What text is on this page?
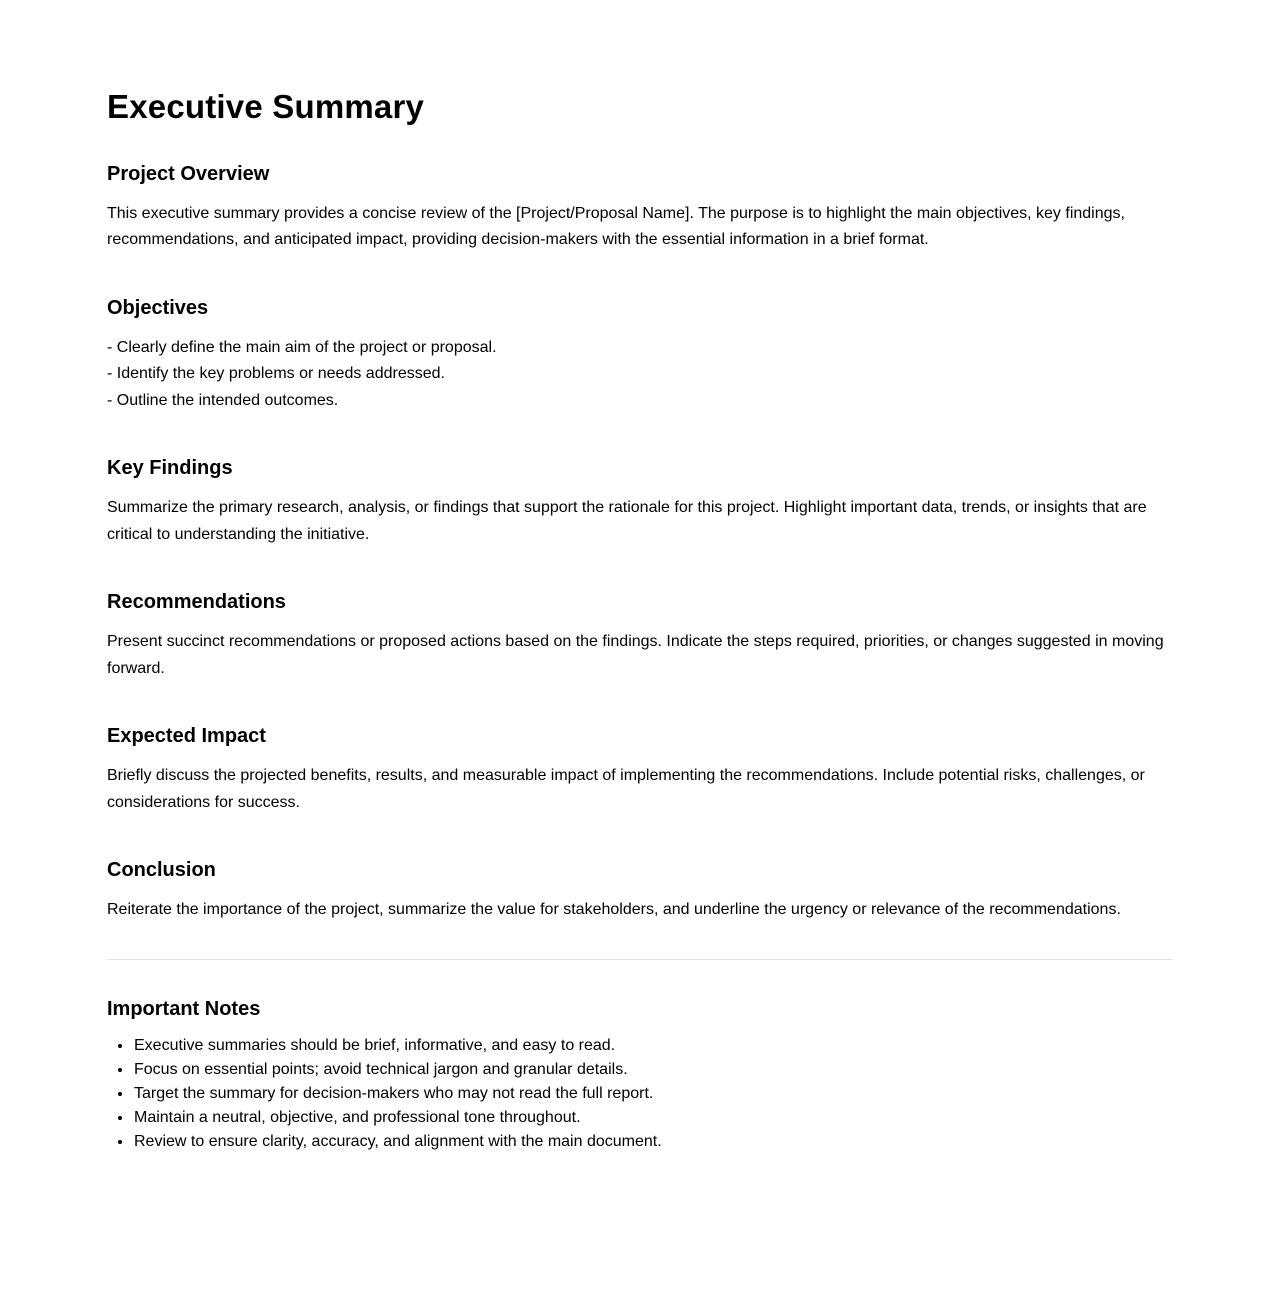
Executive Summary
Project Overview
This executive summary provides a concise review of the [Project/Proposal Name]. The purpose is to highlight the main objectives, key findings, recommendations, and anticipated impact, providing decision-makers with the essential information in a brief format.
Objectives
- Clearly define the main aim of the project or proposal.
- Identify the key problems or needs addressed.
- Outline the intended outcomes.
Key Findings
Summarize the primary research, analysis, or findings that support the rationale for this project. Highlight important data, trends, or insights that are critical to understanding the initiative.
Recommendations
Present succinct recommendations or proposed actions based on the findings. Indicate the steps required, priorities, or changes suggested in moving forward.
Expected Impact
Briefly discuss the projected benefits, results, and measurable impact of implementing the recommendations. Include potential risks, challenges, or considerations for success.
Conclusion
Reiterate the importance of the project, summarize the value for stakeholders, and underline the urgency or relevance of the recommendations.
Important Notes
• Executive summaries should be brief, informative, and easy to read.
• Focus on essential points; avoid technical jargon and granular details.
• Target the summary for decision-makers who may not read the full report.
• Maintain a neutral, objective, and professional tone throughout.
• Review to ensure clarity, accuracy, and alignment with the main document.
